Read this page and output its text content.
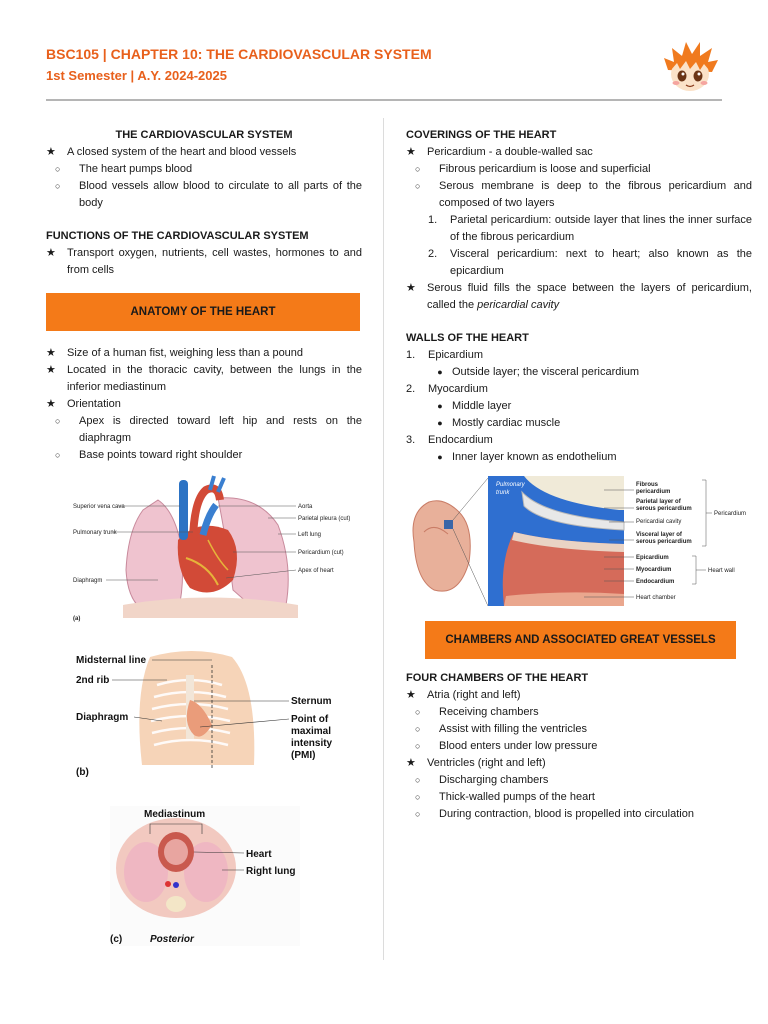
BSC105 | CHAPTER 10: THE CARDIOVASCULAR SYSTEM
1st Semester | A.Y. 2024-2025
THE CARDIOVASCULAR SYSTEM
★	A closed system of the heart and blood vessels
○	The heart pumps blood
○	Blood vessels allow blood to circulate to all parts of the body
FUNCTIONS OF THE CARDIOVASCULAR SYSTEM
★	Transport oxygen, nutrients, cell wastes, hormones to and from cells
ANATOMY OF THE HEART
★	Size of a human fist, weighing less than a pound
★	Located in the thoracic cavity, between the lungs in the inferior mediastinum
★	Orientation
○	Apex is directed toward left hip and rests on the diaphragm
○	Base points toward right shoulder
Superior vena cava
Pulmonary trunk
Diaphragm
Aorta
Parietal pleura (cut)
Left lung
Pericardium (cut)
Apex of heart
(a)
Midsternal line
2nd rib
Diaphragm
Sternum
Point of
maximal
intensity
(PMI)
(b)
Mediastinum
Heart
Right lung
(c)	Posterior
COVERINGS OF THE HEART
★	Pericardium - a double-walled sac
○	Fibrous pericardium is loose and superficial
○	Serous membrane is deep to the fibrous pericardium and composed of two layers
1.	Parietal pericardium: outside layer that lines the inner surface of the fibrous pericardium
2.	Visceral pericardium: next to heart; also known as the epicardium
★	Serous fluid fills the space between the layers of pericardium, called the pericardial cavity
WALLS OF THE HEART
1.	Epicardium
● Outside layer; the visceral pericardium
2.	Myocardium
● Middle layer
● Mostly cardiac muscle
3.	Endocardium
● Inner layer known as endothelium
Pulmonary
trunk
Fibrous
pericardium
Parietal layer of
serous pericardium
Pericardial cavity
Visceral layer of
serous pericardium
Epicardium
Myocardium
Endocardium
Heart chamber
Pericardium
Heart wall
CHAMBERS AND ASSOCIATED GREAT VESSELS
FOUR CHAMBERS OF THE HEART
★	Atria (right and left)
○	Receiving chambers
○	Assist with filling the ventricles
○	Blood enters under low pressure
★	Ventricles (right and left)
○	Discharging chambers
○	Thick-walled pumps of the heart
○	During contraction, blood is propelled into circulation
